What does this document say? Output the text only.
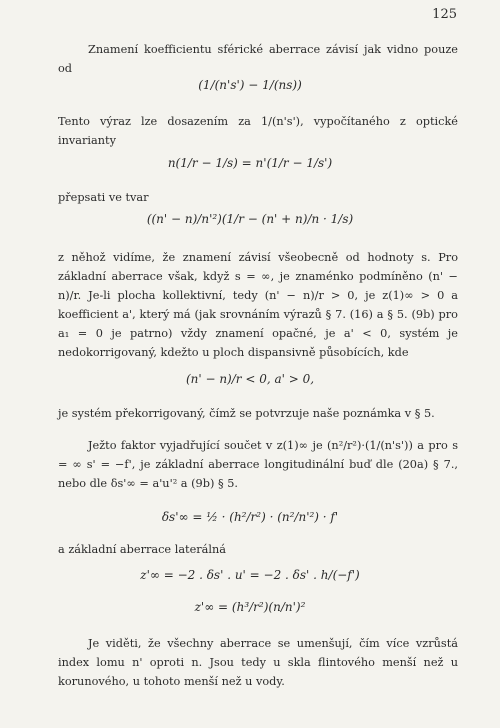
125
Znamení koefficientu sférické aberrace závisí jak vidno pouze od
(1/(n's') − 1/(ns))
Tento výraz lze dosazením za 1/(n's'), vypočítaného z optické invarianty
n(1/r − 1/s) = n'(1/r − 1/s')
přepsati ve tvar
((n' − n)/n'²)(1/r − (n' + n)/n · 1/s)
z něhož vidíme, že znamení závisí všeobecně od hodnoty s. Pro základní aberrace však, když s = ∞, je znaménko podmíněno (n' − n)/r. Je-li plocha kollektivní, tedy (n' − n)/r > 0, je z(1)∞ > 0 a koefficient a', který má (jak srovnáním výrazů § 7. (16) a § 5. (9b) pro a₁ = 0 je patrno) vždy znamení opačné, je a' < 0, systém je nedokorrigovaný, kdežto u ploch dispansivně působících, kde
(n' − n)/r < 0, a' > 0,
je systém překorrigovaný, čímž se potvrzuje naše poznámka v § 5.
Ježto faktor vyjadřující součet v z(1)∞ je (n²/r²)·(1/(n's')) a pro s = ∞ s' = −f', je základní aberrace longitudinální buď dle (20a) § 7., nebo dle δs'∞ = a'u'² a (9b) § 5.
δs'∞ = ½ · (h²/r²) · (n²/n'²) · f'
a základní aberrace laterálná
z'∞ = −2 . δs' . u' = −2 . δs' . h/(−f')
z'∞ = (h³/r²)(n/n')²
Je viděti, že všechny aberrace se umenšují, čím více vzrůstá index lomu n' oproti n. Jsou tedy u skla flintového menší než u korunového, u tohoto menší než u vody.
